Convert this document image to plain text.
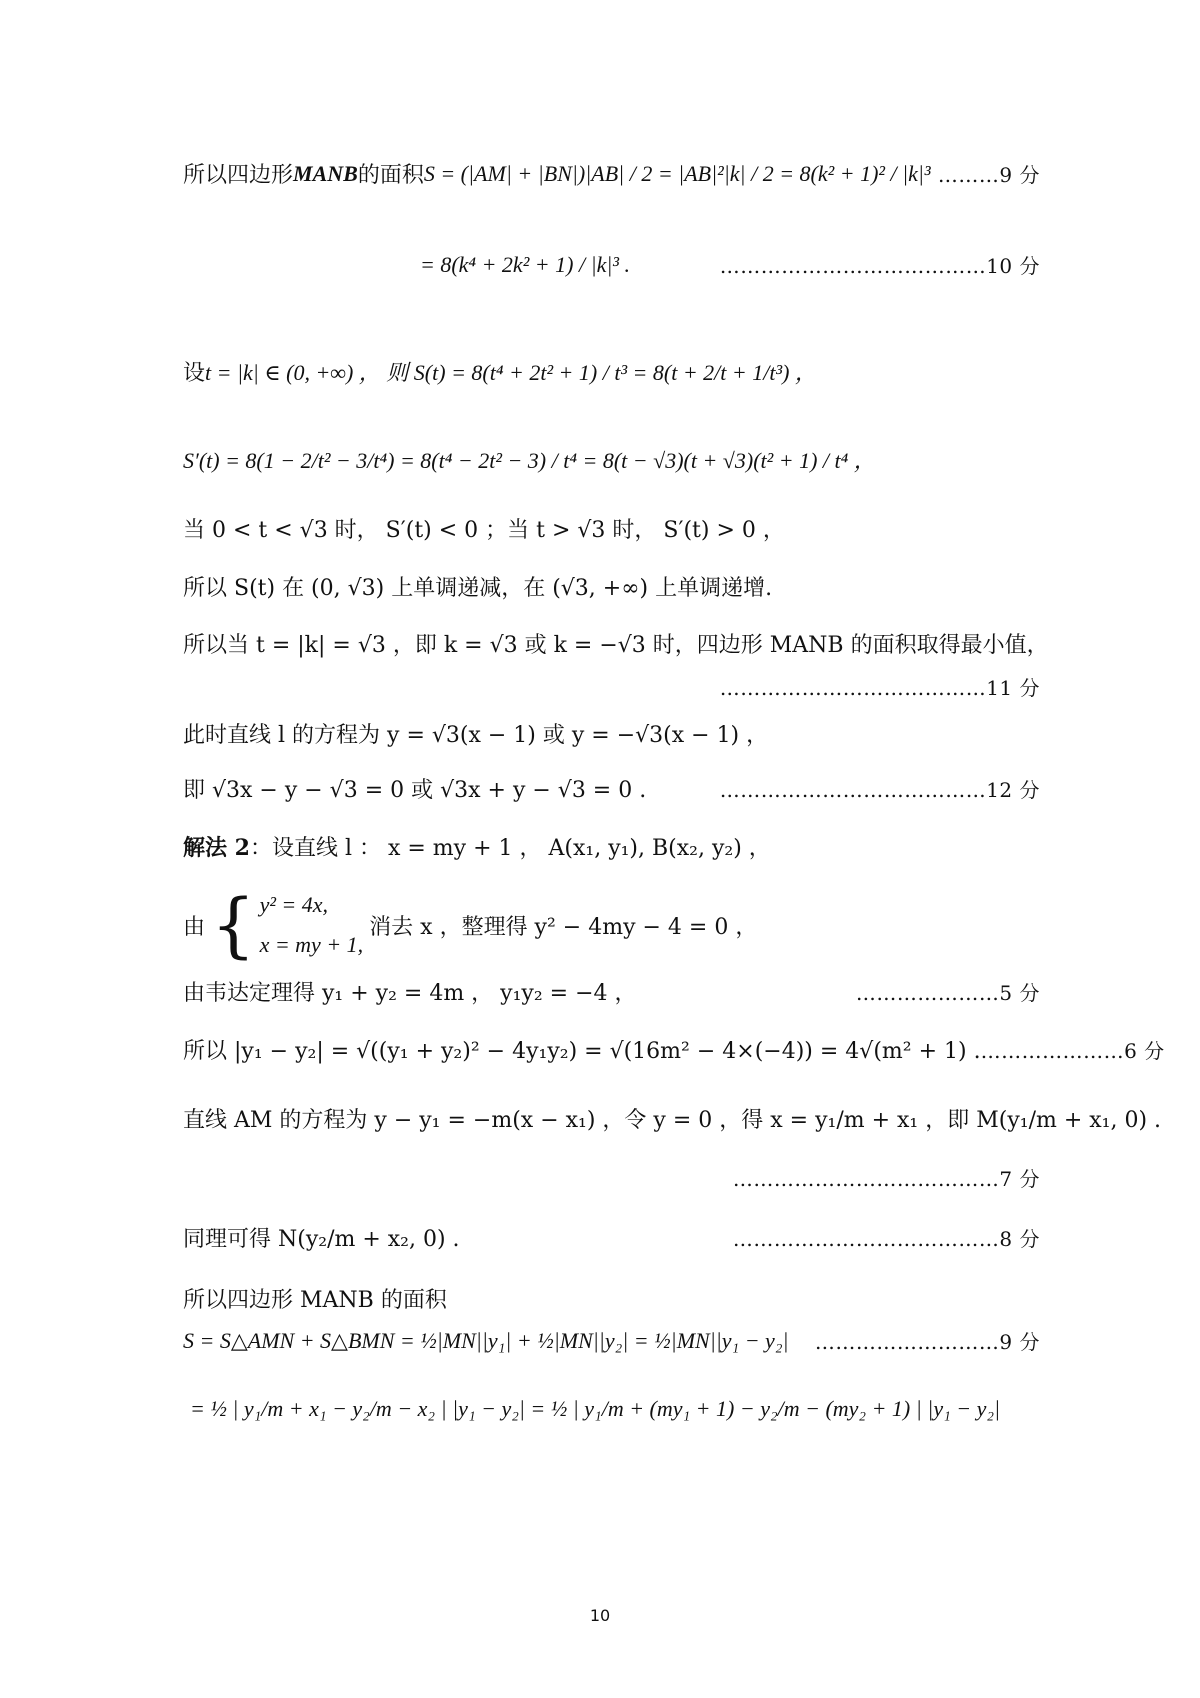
所以四边形 MANB 的面积 S = (|AM| + |BN|)|AB| / 2 = |AB|²|k| / 2 = 8(k² + 1)² / |k|³ ………9 分
= 8(k⁴ + 2k² + 1) / |k|³ .	…………………………………10 分
设 t = |k| ∈ (0, +∞) ， 则 S(t) = 8(t⁴ + 2t² + 1) / t³ = 8(t + 2/t + 1/t³) ，
S′(t) = 8(1 − 2/t² − 3/t⁴) = 8(t⁴ − 2t² − 3) / t⁴ = 8(t − √3)(t + √3)(t² + 1) / t⁴ ，
当 0 < t < √3 时， S′(t) < 0 ；当 t > √3 时， S′(t) > 0 ，
所以 S(t) 在 (0, √3) 上单调递减，在 (√3, +∞) 上单调递增.
所以当 t = |k| = √3 ，即 k = √3 或 k = −√3 时，四边形 MANB 的面积取得最小值，
…………………………………11 分
此时直线 l 的方程为 y = √3(x − 1) 或 y = −√3(x − 1) ，
即 √3x − y − √3 = 0 或 √3x + y − √3 = 0 .	…………………………………12 分
解法 2 ：设直线 l ： x = my + 1 ， A(x₁, y₁), B(x₂, y₂) ，
由 { y² = 4x,
x = my + 1,
消去 x ，整理得 y² − 4my − 4 = 0 ，
由韦达定理得 y₁ + y₂ = 4m ， y₁y₂ = −4 ，	…………………5 分
所以 |y₁ − y₂| = √((y₁ + y₂)² − 4y₁y₂) = √(16m² − 4×(−4)) = 4√(m² + 1) . …………………6 分
直线 AM 的方程为 y − y₁ = −m(x − x₁) ，令 y = 0 ，得 x = y₁/m + x₁ ，即 M(y₁/m + x₁, 0) .
…………………………………7 分
同理可得 N(y₂/m + x₂, 0) .	…………………………………8 分
所以四边形 MANB 的面积
S = S△AMN + S△BMN = ½|MN||y₁| + ½|MN||y₂| = ½|MN||y₁ − y₂| ………………………9 分
= ½ | y₁/m + x₁ − y₂/m − x₂ | |y₁ − y₂| = ½ | y₁/m + (my₁ + 1) − y₂/m − (my₂ + 1) | |y₁ − y₂|
10
